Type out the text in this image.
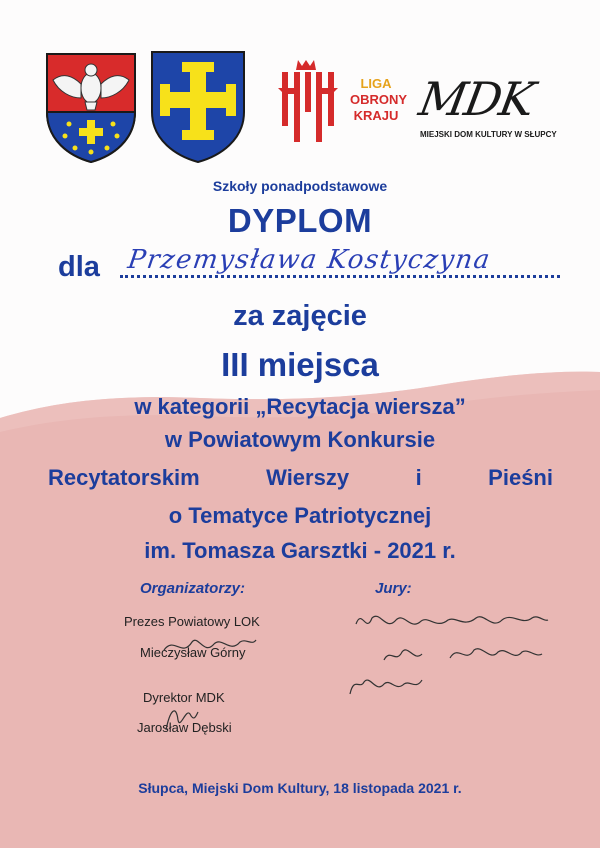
LIGA
OBRONY
KRAJU MDK
MIEJSKI DOM KULTURY W SŁUPCY
Szkoły ponadpodstawowe
DYPLOM
dla Przemysława Kostyczyna
za zajęcie
III miejsca
w kategorii „Recytacja wiersza”
w Powiatowym Konkursie
Recytatorskim	Wierszy	i	Pieśni
o Tematyce Patriotycznej
im. Tomasza Garsztki - 2021 r.
Organizatorzy:
Prezes Powiatowy LOK
Mieczysław Górny
Dyrektor MDK
Jarosław Dębski
Jury:
Słupca, Miejski Dom Kultury, 18 listopada 2021 r.
